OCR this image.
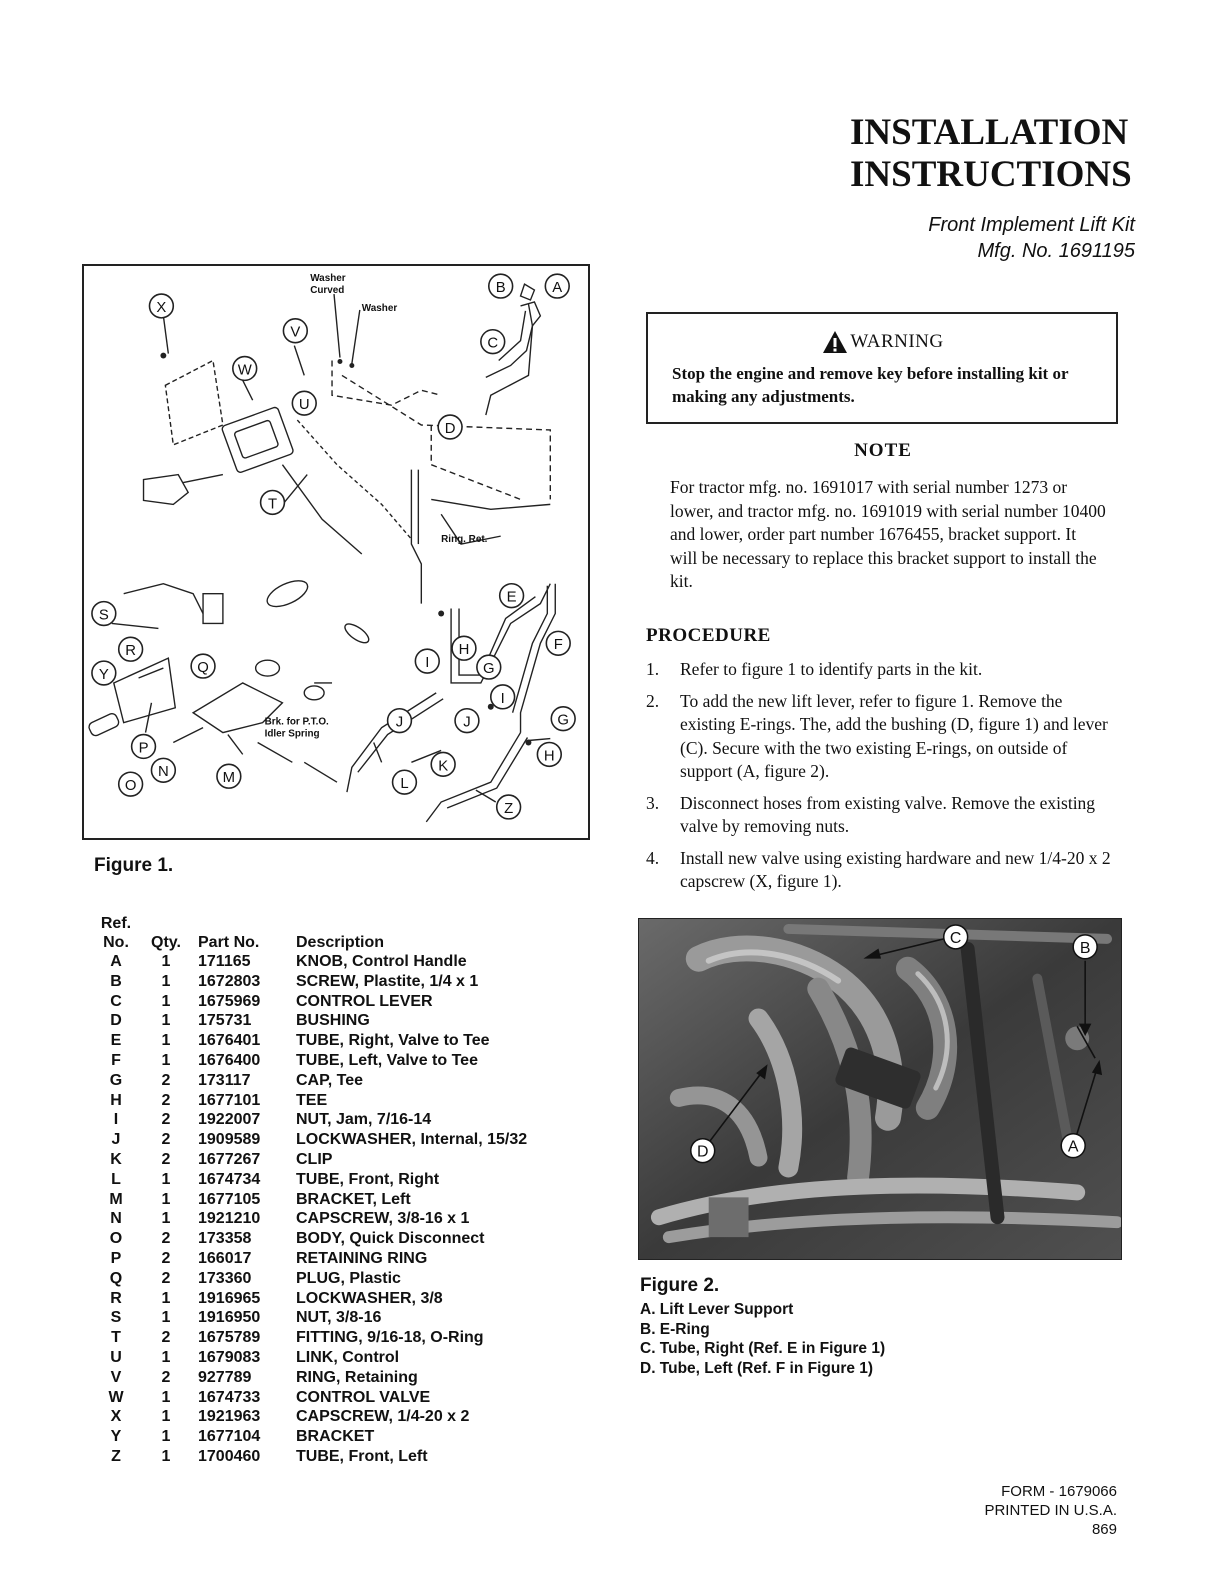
INSTALLATION
INSTRUCTIONS
Front Implement Lift Kit
Mfg. No. 1691195
Washer
Curved
Washer
Ring. Ret.
Brk. for P.T.O.
Idler Spring
X
V
W
U
B	A
C
D
T
E
F
S
R	H
G
I
Y	Q
P
J
K
O
N	M	L
Z
H
G
I
J
Figure 1.
Ref.
No.	Qty.	Part No.	Description
A	1	171165	KNOB, Control Handle
B	1	1672803	SCREW, Plastite, 1/4 x 1
C	1	1675969	CONTROL LEVER
D	1	175731	BUSHING
E	1	1676401	TUBE, Right, Valve to Tee
F	1	1676400	TUBE, Left, Valve to Tee
G	2	173117	CAP, Tee
H	2	1677101	TEE
I	2	1922007	NUT, Jam, 7/16-14
J	2	1909589	LOCKWASHER, Internal, 15/32
K	2	1677267	CLIP
L	1	1674734	TUBE, Front, Right
M	1	1677105	BRACKET, Left
N	1	1921210	CAPSCREW, 3/8-16 x 1
O	2	173358	BODY, Quick Disconnect
P	2	166017	RETAINING RING
Q	2	173360	PLUG, Plastic
R	1	1916965	LOCKWASHER, 3/8
S	1	1916950	NUT, 3/8-16
T	2	1675789	FITTING, 9/16-18, O-Ring
U	1	1679083	LINK, Control
V	2	927789	RING, Retaining
W	1	1674733	CONTROL VALVE
X	1	1921963	CAPSCREW, 1/4-20 x 2
Y	1	1677104	BRACKET
Z	1	1700460	TUBE, Front, Left
WARNING
Stop the engine and remove key before installing kit or making any adjustments.
NOTE
For tractor mfg. no. 1691017 with serial number 1273 or lower, and tractor mfg. no. 1691019 with serial number 10400 and lower, order part number 1676455, bracket support. It will be necessary to replace this bracket support to install the kit.
PROCEDURE
1.	Refer to figure 1 to identify parts in the kit.
2.	To add the new lift lever, refer to figure 1. Remove the existing E-rings. The, add the bushing (D, figure 1) and lever (C). Secure with the two existing E-rings, on outside of support (A, figure 2).
3.	Disconnect hoses from existing valve. Remove the existing valve by removing nuts.
4.	Install new valve using existing hardware and new 1/4-20 x 2 capscrew (X, figure 1).
C
B
D	A
Figure 2.
A. Lift Lever Support
B. E-Ring
C. Tube, Right (Ref. E in Figure 1)
D. Tube, Left (Ref. F in Figure 1)
FORM - 1679066
PRINTED IN U.S.A.
869
